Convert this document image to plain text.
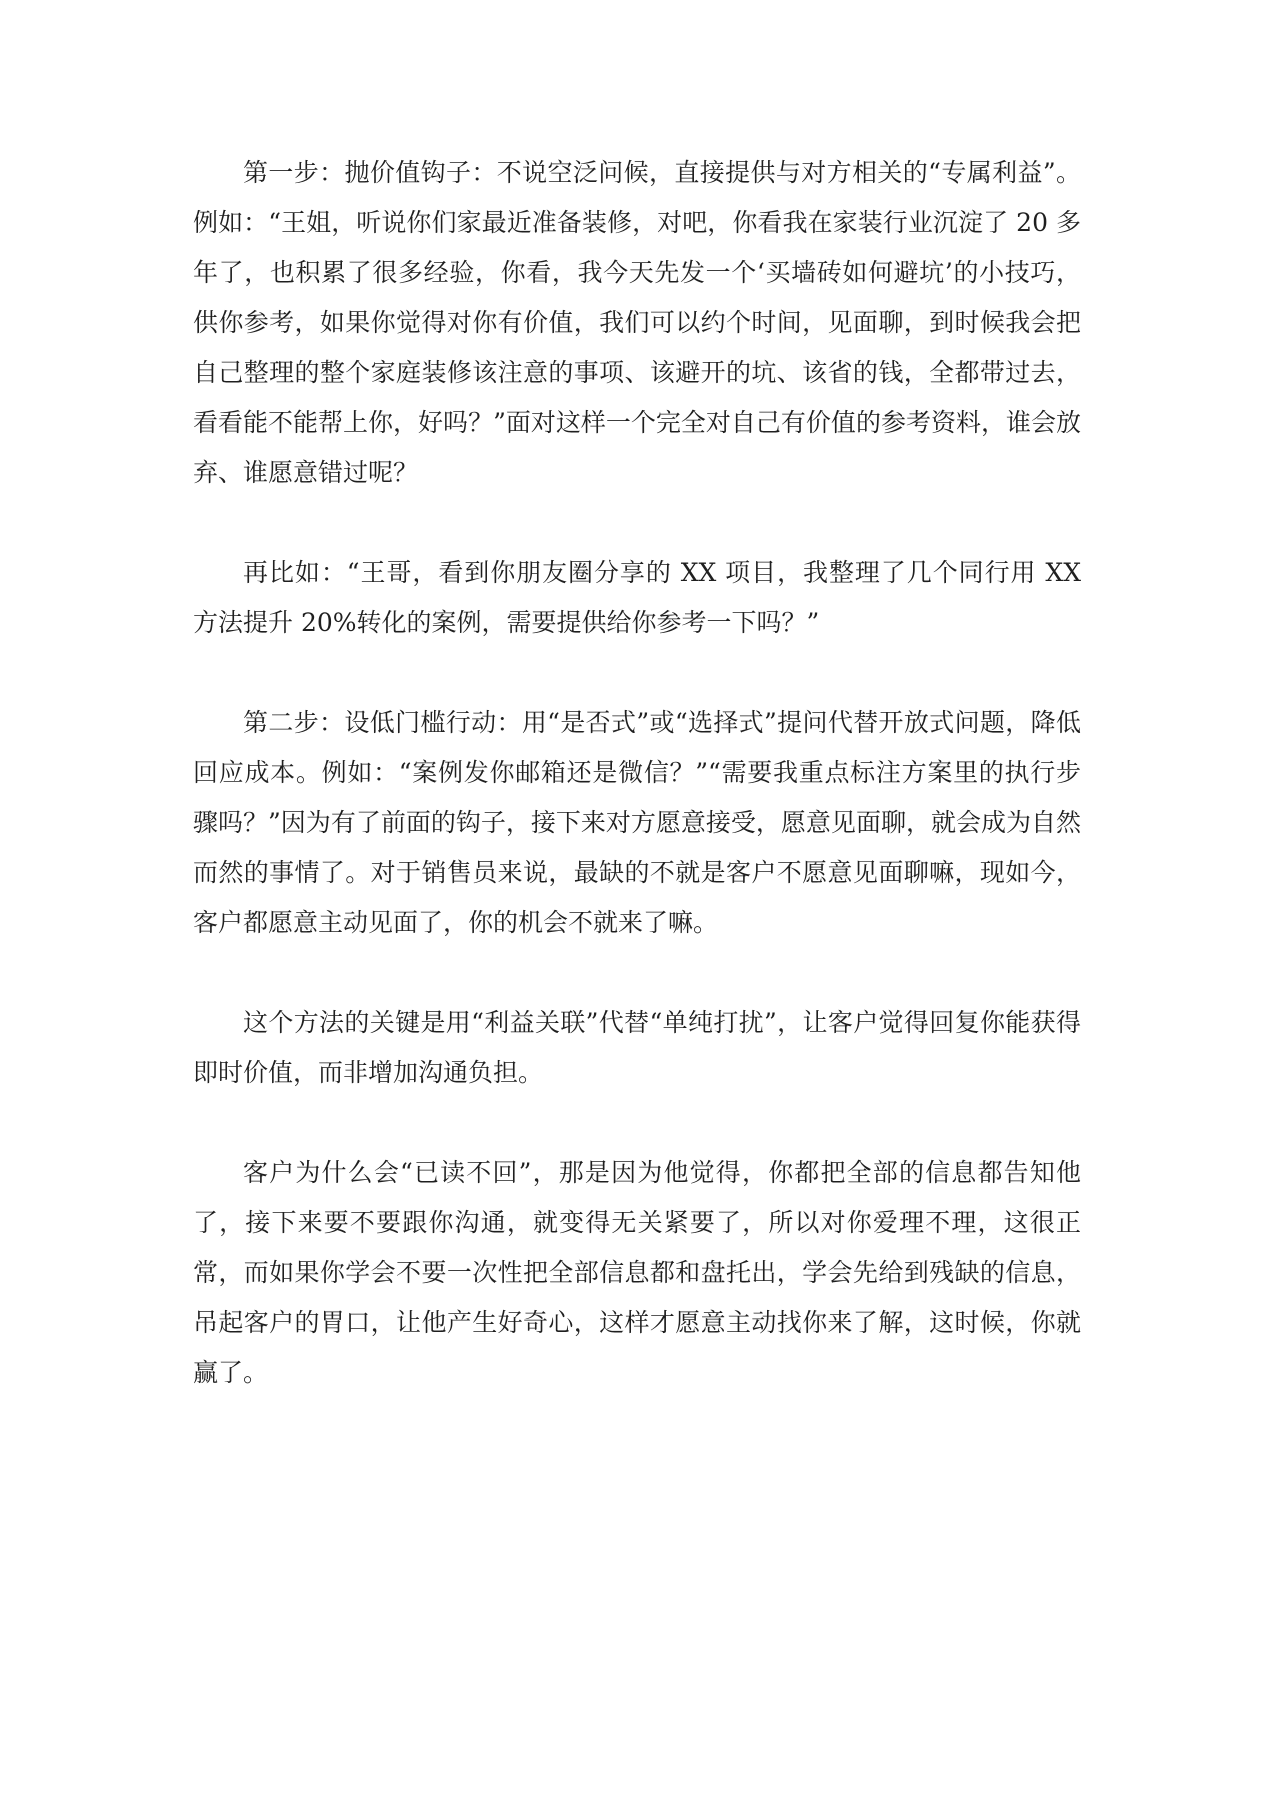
第一步：抛价值钩子：不说空泛问候，直接提供与对方相关的“专属利益”。例如：“王姐，听说你们家最近准备装修，对吧，你看我在家装行业沉淀了 20 多年了，也积累了很多经验，你看，我今天先发一个‘买墙砖如何避坑’的小技巧，供你参考，如果你觉得对你有价值，我们可以约个时间，见面聊，到时候我会把自己整理的整个家庭装修该注意的事项、该避开的坑、该省的钱，全都带过去，看看能不能帮上你，好吗？”面对这样一个完全对自己有价值的参考资料，谁会放弃、谁愿意错过呢？

再比如：“王哥，看到你朋友圈分享的 XX 项目，我整理了几个同行用 XX 方法提升 20%转化的案例，需要提供给你参考一下吗？”

第二步：设低门槛行动：用“是否式”或“选择式”提问代替开放式问题，降低回应成本。例如：“案例发你邮箱还是微信？”“需要我重点标注方案里的执行步骤吗？”因为有了前面的钩子，接下来对方愿意接受，愿意见面聊，就会成为自然而然的事情了。对于销售员来说，最缺的不就是客户不愿意见面聊嘛，现如今，客户都愿意主动见面了，你的机会不就来了嘛。

这个方法的关键是用“利益关联”代替“单纯打扰”，让客户觉得回复你能获得即时价值，而非增加沟通负担。

客户为什么会“已读不回”，那是因为他觉得，你都把全部的信息都告知他了，接下来要不要跟你沟通，就变得无关紧要了，所以对你爱理不理，这很正常，而如果你学会不要一次性把全部信息都和盘托出，学会先给到残缺的信息，吊起客户的胃口，让他产生好奇心，这样才愿意主动找你来了解，这时候，你就赢了。
